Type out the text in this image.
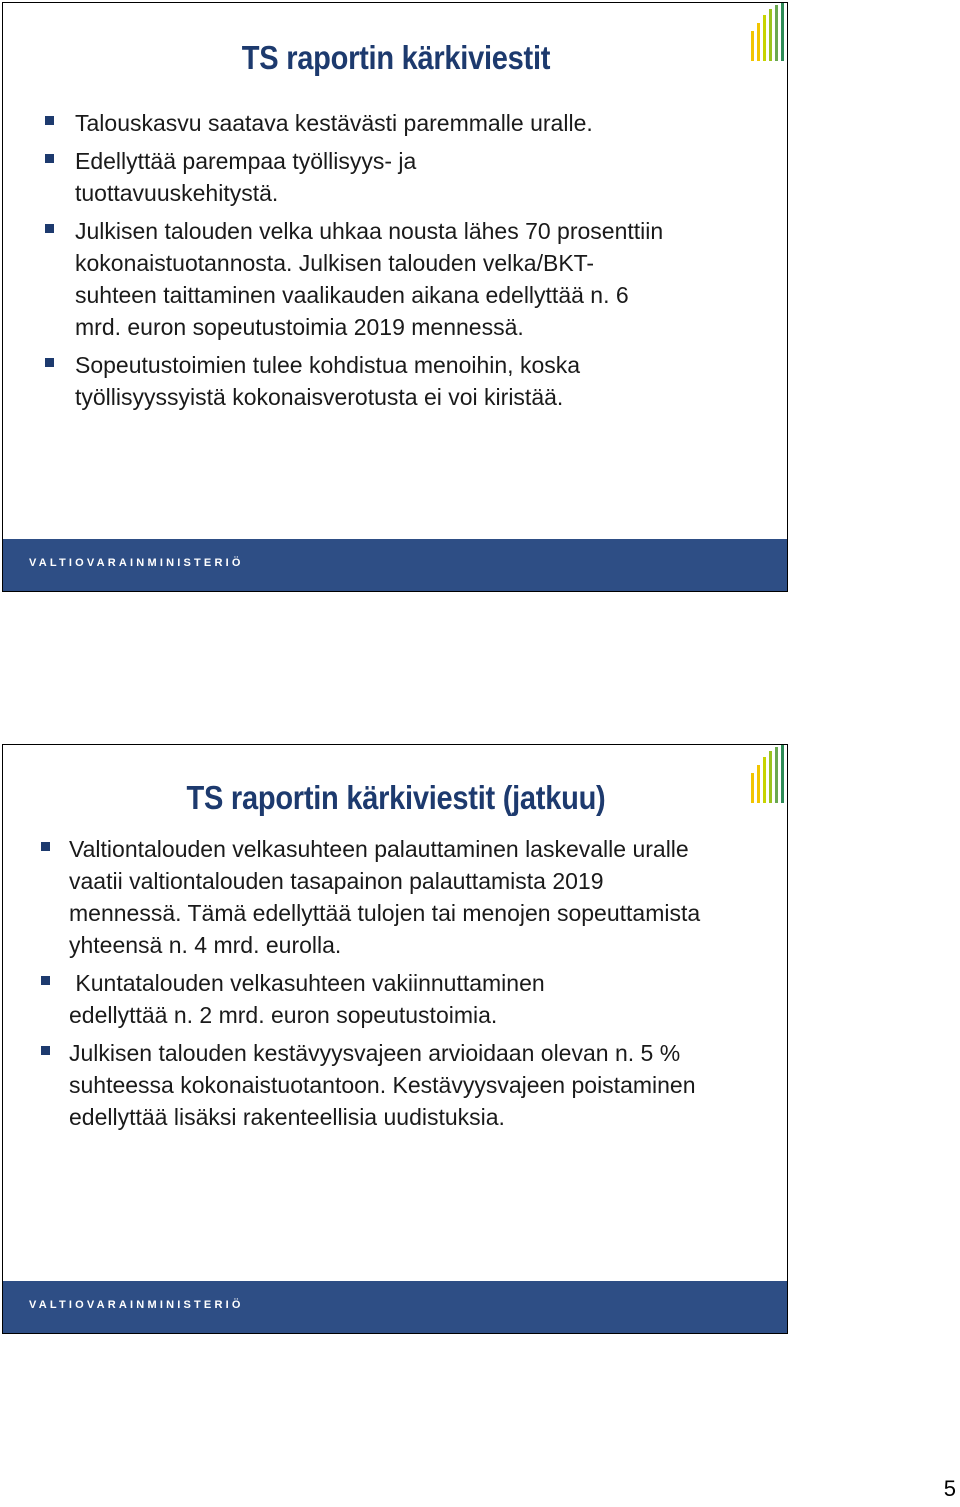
TS raportin kärkiviestit
Talouskasvu saatava kestävästi paremmalle uralle.
Edellyttää parempaa työllisyys- ja tuottavuuskehitystä.
Julkisen talouden velka uhkaa nousta lähes 70 prosenttiin kokonaistuotannosta. Julkisen talouden velka/BKT-suhteen taittaminen vaalikauden aikana edellyttää n. 6 mrd. euron sopeutustoimia 2019 mennessä.
Sopeutustoimien tulee kohdistua menoihin, koska työllisyyssyistä kokonaisverotusta ei voi kiristää.
VALTIOVARAINMINISTERIÖ
TS raportin kärkiviestit (jatkuu)
Valtiontalouden velkasuhteen palauttaminen laskevalle uralle vaatii valtiontalouden tasapainon palauttamista 2019 mennessä. Tämä edellyttää tulojen tai menojen sopeuttamista yhteensä n. 4 mrd. eurolla.
Kuntatalouden velkasuhteen vakiinnuttaminen edellyttää n. 2 mrd. euron sopeutustoimia.
Julkisen talouden kestävyysvajeen arvioidaan olevan n. 5 % suhteessa kokonaistuotantoon. Kestävyysvajeen poistaminen edellyttää lisäksi rakenteellisia uudistuksia.
VALTIOVARAINMINISTERIÖ
5
